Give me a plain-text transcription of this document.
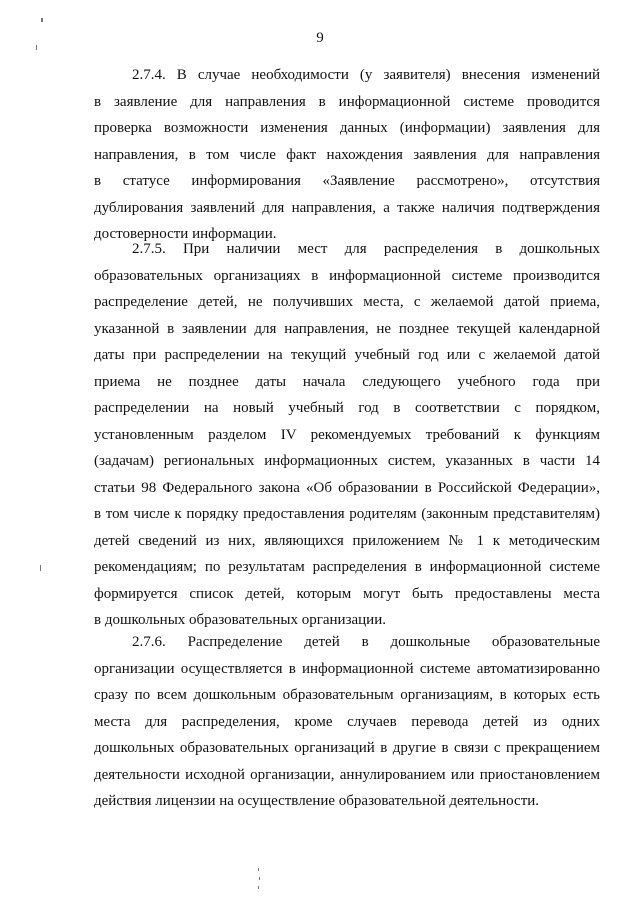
9
2.7.4. В случае необходимости (у заявителя) внесения изменений
в заявление для направления в информационной системе проводится
проверка возможности изменения данных (информации) заявления для
направления, в том числе факт нахождения заявления для направления
в статусе информирования «Заявление рассмотрено», отсутствия
дублирования заявлений для направления, а также наличия подтверждения
достоверности информации.
2.7.5. При наличии мест для распределения в дошкольных
образовательных организациях в информационной системе производится
распределение детей, не получивших места, с желаемой датой приема,
указанной в заявлении для направления, не позднее текущей календарной
даты при распределении на текущий учебный год или с желаемой датой
приема не позднее даты начала следующего учебного года при
распределении на новый учебный год в соответствии с порядком,
установленным разделом IV рекомендуемых требований к функциям
(задачам) региональных информационных систем, указанных в части 14
статьи 98 Федерального закона «Об образовании в Российской Федерации»,
в том числе к порядку предоставления родителям (законным представителям)
детей сведений из них, являющихся приложением № 1 к методическим
рекомендациям; по результатам распределения в информационной системе
формируется список детей, которым могут быть предоставлены места
в дошкольных образовательных организации.
2.7.6. Распределение детей в дошкольные образовательные
организации осуществляется в информационной системе автоматизированно
сразу по всем дошкольным образовательным организациям, в которых есть
места для распределения, кроме случаев перевода детей из одних
дошкольных образовательных организаций в другие в связи с прекращением
деятельности исходной организации, аннулированием или приостановлением
действия лицензии на осуществление образовательной деятельности.
